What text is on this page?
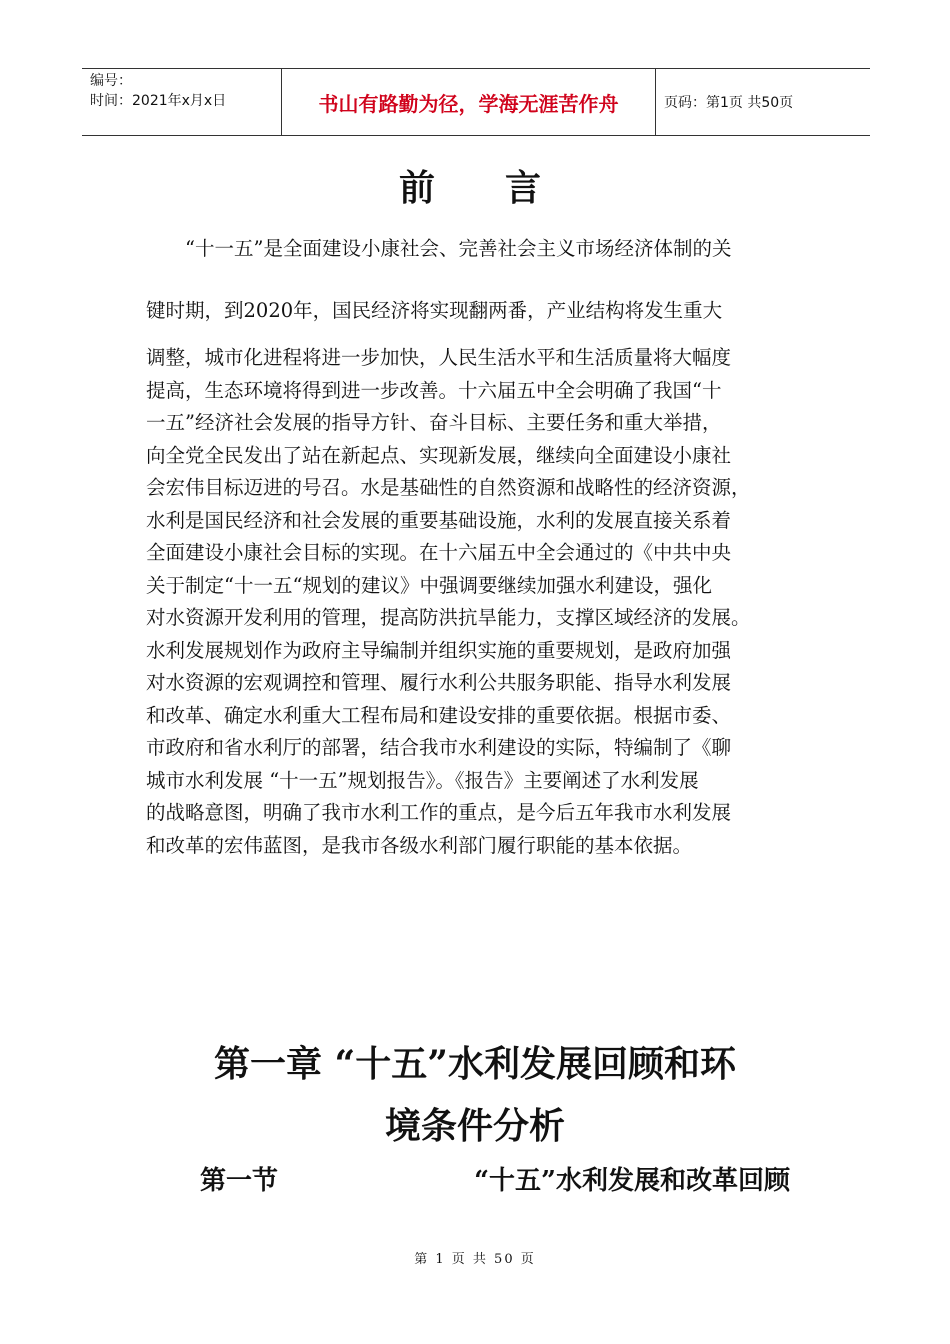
编号：
时间：2021年x月x日	书山有路勤为径，学海无涯苦作舟	页码：第1页 共50页
前言
　　“十一五”是全面建设小康社会、完善社会主义市场经济体制的关
键时期，到2020年，国民经济将实现翻两番，产业结构将发生重大
调整，城市化进程将进一步加快，人民生活水平和生活质量将大幅度
提高，生态环境将得到进一步改善。十六届五中全会明确了我国“十
一五”经济社会发展的指导方针、奋斗目标、主要任务和重大举措，
向全党全民发出了站在新起点、实现新发展，继续向全面建设小康社
会宏伟目标迈进的号召。水是基础性的自然资源和战略性的经济资源，
水利是国民经济和社会发展的重要基础设施，水利的发展直接关系着
全面建设小康社会目标的实现。在十六届五中全会通过的《中共中央
关于制定“十一五“规划的建议》中强调要继续加强水利建设，强化
对水资源开发利用的管理，提高防洪抗旱能力，支撑区域经济的发展。
水利发展规划作为政府主导编制并组织实施的重要规划，是政府加强
对水资源的宏观调控和管理、履行水利公共服务职能、指导水利发展
和改革、确定水利重大工程布局和建设安排的重要依据。根据市委、
市政府和省水利厅的部署，结合我市水利建设的实际，特编制了《聊
城市水利发展 “十一五”规划报告》。《报告》主要阐述了水利发展
的战略意图，明确了我市水利工作的重点，是今后五年我市水利发展
和改革的宏伟蓝图，是我市各级水利部门履行职能的基本依据。
第一章 “十五”水利发展回顾和环
境条件分析
第一节	“十五”水利发展和改革回顾
第 1 页 共 50 页
